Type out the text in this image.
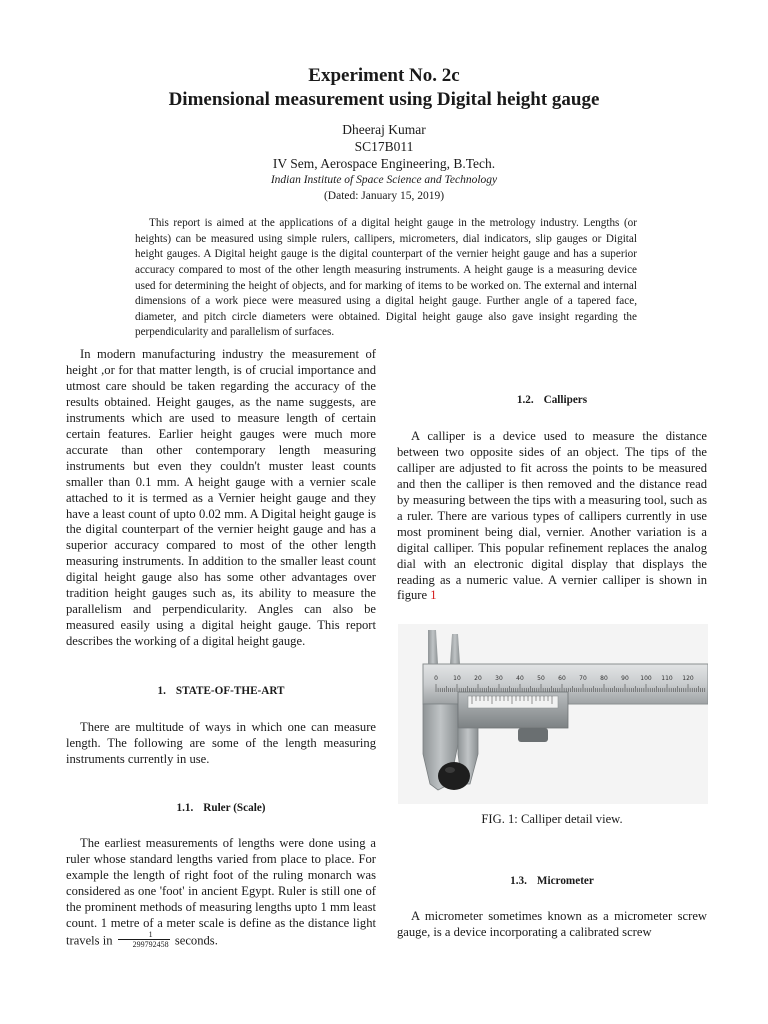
Experiment No. 2c
Dimensional measurement using Digital height gauge
Dheeraj Kumar
SC17B011
IV Sem, Aerospace Engineering, B.Tech.
Indian Institute of Space Science and Technology
(Dated: January 15, 2019)

This report is aimed at the applications of a digital height gauge in the metrology industry. Lengths (or heights) can be measured using simple rulers, callipers, micrometers, dial indicators, slip gauges or Digital height gauges. A Digital height gauge is the digital counterpart of the vernier height gauge and has a superior accuracy compared to most of the other length measuring instruments. A height gauge is a measuring device used for determining the height of objects, and for marking of items to be worked on. The external and internal dimensions of a work piece were measured using a digital height gauge. Further angle of a tapered face, diameter, and pitch circle diameters were obtained. Digital height gauge also gave insight regarding the perpendicularity and parallelism of surfaces.

In modern manufacturing industry the measurement of height ,or for that matter length, is of crucial importance and utmost care should be taken regarding the accuracy of the results obtained. Height gauges, as the name suggests, are instruments which are used to measure length of certain certain features. Earlier height gauges were much more accurate than other contemporary length measuring instruments but even they couldn't muster least counts smaller than 0.1 mm. A height gauge with a vernier scale attached to it is termed as a Vernier height gauge and they have a least count of upto 0.02 mm. A Digital height gauge is the digital counterpart of the vernier height gauge and has a superior accuracy compared to most of the other length measuring instruments. In addition to the smaller least count digital height gauge also has some other advantages over tradition height gauges such as, its ability to measure the parallelism and perpendicularity. Angles can also be measured easily using a digital height gauge. This report describes the working of a digital height gauge.

1. STATE-OF-THE-ART

There are multitude of ways in which one can measure length. The following are some of the length measuring instruments currently in use.

1.1. Ruler (Scale)

The earliest measurements of lengths were done using a ruler whose standard lengths varied from place to place. For example the length of right foot of the ruling monarch was considered as one 'foot' in ancient Egypt. Ruler is still one of the prominent methods of measuring lengths upto 1 mm least count. 1 metre of a meter scale is define as the distance light travels in $\frac{1}{299792458}$ seconds.

1.2. Callipers

A calliper is a device used to measure the distance between two opposite sides of an object. The tips of the calliper are adjusted to fit across the points to be measured and then the calliper is then removed and the distance read by measuring between the tips with a measuring tool, such as a ruler. There are various types of callipers currently in use most prominent being dial, vernier. Another variation is a digital calliper. This popular refinement replaces the analog dial with an electronic digital display that displays the reading as a numeric value. A vernier calliper is shown in figure 1

0	10 20 30 40 50 60 70 80 90 100 110 120
FIG. 1: Calliper detail view.
1.3. Micrometer

A micrometer sometimes known as a micrometer screw gauge, is a device incorporating a calibrated screw
